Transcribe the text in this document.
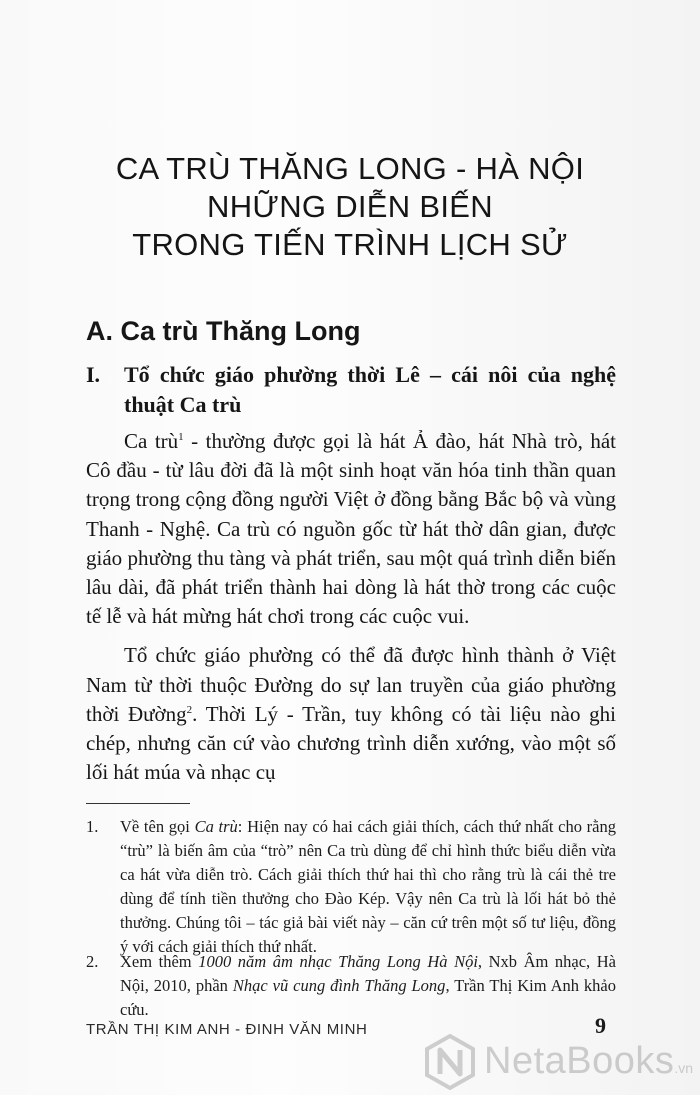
CA TRÙ THĂNG LONG - HÀ NỘI
NHỮNG DIỄN BIẾN
TRONG TIẾN TRÌNH LỊCH SỬ
A. Ca trù Thăng Long
I. Tổ chức giáo phường thời Lê – cái nôi của nghệ thuật Ca trù

Ca trù$^1$ - thường được gọi là hát Ả đào, hát Nhà trò, hát Cô đầu - từ lâu đời đã là một sinh hoạt văn hóa tinh thần quan trọng trong cộng đồng người Việt ở đồng bằng Bắc bộ và vùng Thanh - Nghệ. Ca trù có nguồn gốc từ hát thờ dân gian, được giáo phường thu tàng và phát triển, sau một quá trình diễn biến lâu dài, đã phát triển thành hai dòng là hát thờ trong các cuộc tế lễ và hát mừng hát chơi trong các cuộc vui.

Tổ chức giáo phường có thể đã được hình thành ở Việt Nam từ thời thuộc Đường do sự lan truyền của giáo phường thời Đường$^2$. Thời Lý - Trần, tuy không có tài liệu nào ghi chép, nhưng căn cứ vào chương trình diễn xướng, vào một số lối hát múa và nhạc cụ

1. Về tên gọi Ca trù: Hiện nay có hai cách giải thích, cách thứ nhất cho rằng “trù” là biến âm của “trò” nên Ca trù dùng để chỉ hình thức biểu diễn vừa ca hát vừa diễn trò. Cách giải thích thứ hai thì cho rằng trù là cái thẻ tre dùng để tính tiền thưởng cho Đào Kép. Vậy nên Ca trù là lối hát bỏ thẻ thưởng. Chúng tôi – tác giả bài viết này – căn cứ trên một số tư liệu, đồng ý với cách giải thích thứ nhất.
2. Xem thêm 1000 năm âm nhạc Thăng Long Hà Nội, Nxb Âm nhạc, Hà Nội, 2010, phần Nhạc vũ cung đình Thăng Long, Trần Thị Kim Anh khảo cứu.
TRẦN THỊ KIM ANH - ĐINH VĂN MINH	9
NetaBooks.vn
